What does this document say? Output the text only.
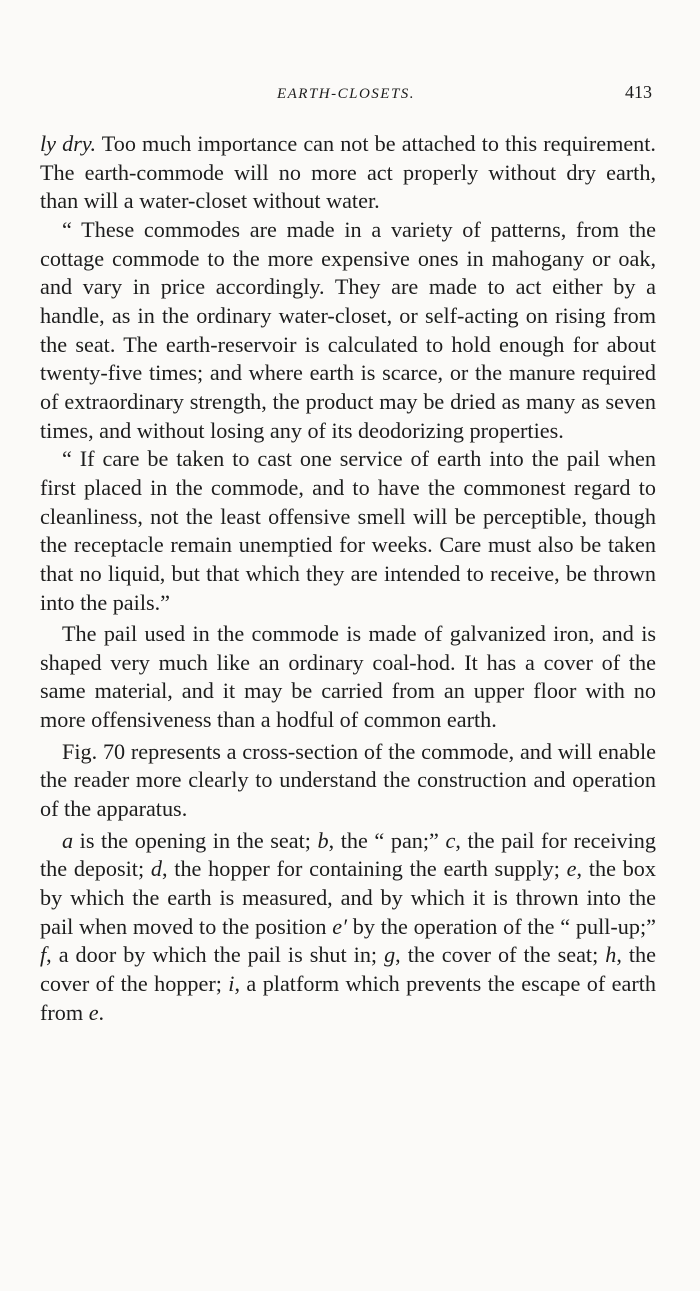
EARTH-CLOSETS.	413

ly dry. Too much importance can not be attached to this requirement. The earth-commode will no more act properly without dry earth, than will a water-closet without water.

“ These commodes are made in a variety of patterns, from the cottage commode to the more expensive ones in mahogany or oak, and vary in price accordingly. They are made to act either by a handle, as in the ordinary water-closet, or self-acting on rising from the seat. The earth-reservoir is calculated to hold enough for about twenty-five times; and where earth is scarce, or the manure required of extraordinary strength, the product may be dried as many as seven times, and without losing any of its deodorizing properties.

“ If care be taken to cast one service of earth into the pail when first placed in the commode, and to have the commonest regard to cleanliness, not the least offensive smell will be perceptible, though the receptacle remain unemptied for weeks. Care must also be taken that no liquid, but that which they are intended to receive, be thrown into the pails.”

The pail used in the commode is made of galvanized iron, and is shaped very much like an ordinary coal-hod. It has a cover of the same material, and it may be carried from an upper floor with no more offensiveness than a hodful of common earth.

Fig. 70 represents a cross-section of the commode, and will enable the reader more clearly to understand the construction and operation of the apparatus.

a is the opening in the seat; b, the “ pan;” c, the pail for receiving the deposit; d, the hopper for containing the earth supply; e, the box by which the earth is measured, and by which it is thrown into the pail when moved to the position e′ by the operation of the “ pull-up;” f, a door by which the pail is shut in; g, the cover of the seat; h, the cover of the hopper; i, a platform which prevents the escape of earth from e.
